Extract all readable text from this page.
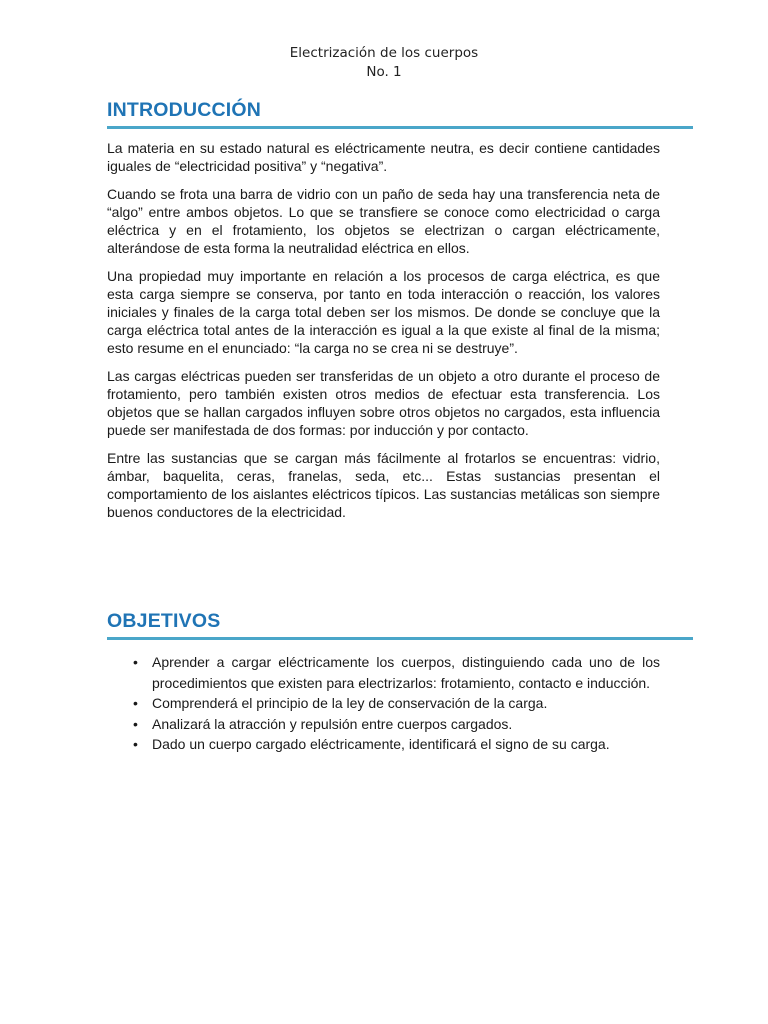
Electrización de los cuerpos
No. 1
INTRODUCCIÓN

La materia en su estado natural es eléctricamente neutra, es decir contiene cantidades iguales de “electricidad positiva” y “negativa”.

Cuando se frota una barra de vidrio con un paño de seda hay una transferencia neta de “algo” entre ambos objetos. Lo que se transfiere se conoce como electricidad o carga eléctrica y en el frotamiento, los objetos se electrizan o cargan eléctricamente, alterándose de esta forma la neutralidad eléctrica en ellos.

Una propiedad muy importante en relación a los procesos de carga eléctrica, es que esta carga siempre se conserva, por tanto en toda interacción o reacción, los valores iniciales y finales de la carga total deben ser los mismos. De donde se concluye que la carga eléctrica total antes de la interacción es igual a la que existe al final de la misma; esto resume en el enunciado: “la carga no se crea ni se destruye”.

Las cargas eléctricas pueden ser transferidas de un objeto a otro durante el proceso de frotamiento, pero también existen otros medios de efectuar esta transferencia. Los objetos que se hallan cargados influyen sobre otros objetos no cargados, esta influencia puede ser manifestada de dos formas: por inducción y por contacto.

Entre las sustancias que se cargan más fácilmente al frotarlos se encuentras: vidrio, ámbar, baquelita, ceras, franelas, seda, etc... Estas sustancias presentan el comportamiento de los aislantes eléctricos típicos. Las sustancias metálicas son siempre buenos conductores de la electricidad.

OBJETIVOS
• Aprender a cargar eléctricamente los cuerpos, distinguiendo cada uno de los procedimientos que existen para electrizarlos: frotamiento, contacto e inducción.
• Comprenderá el principio de la ley de conservación de la carga.
• Analizará la atracción y repulsión entre cuerpos cargados.
• Dado un cuerpo cargado eléctricamente, identificará el signo de su carga.
